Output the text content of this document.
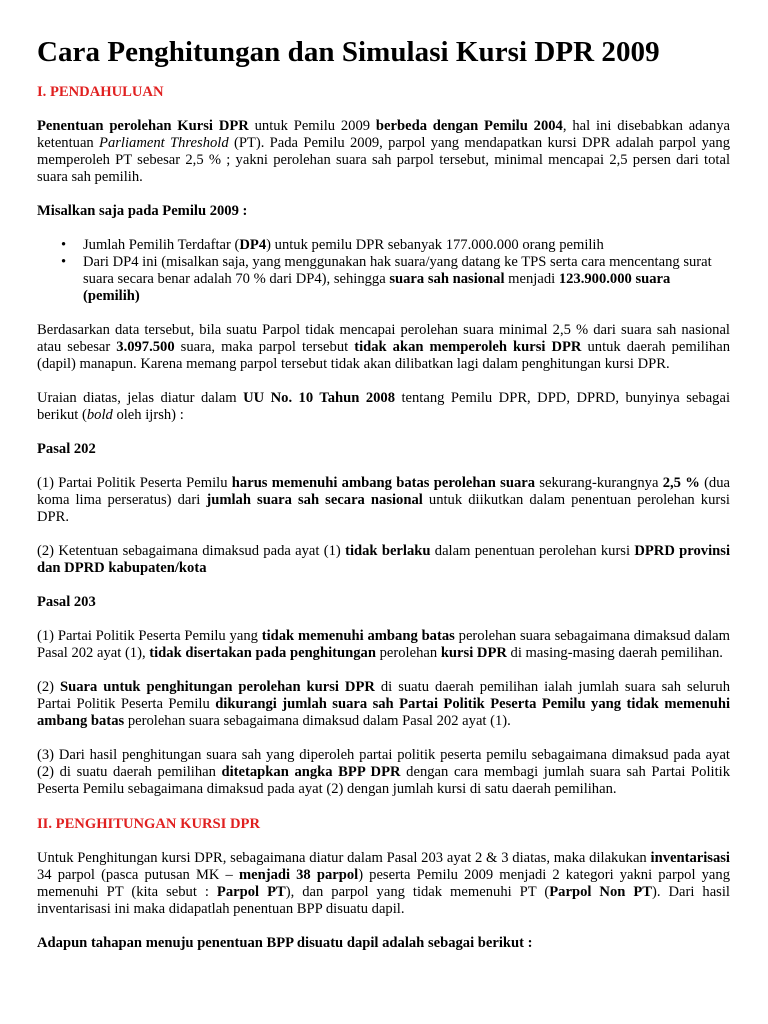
Cara Penghitungan dan Simulasi Kursi DPR 2009
I. PENDAHULUAN

Penentuan perolehan Kursi DPR untuk Pemilu 2009 berbeda dengan Pemilu 2004, hal ini disebabkan adanya ketentuan Parliament Threshold (PT). Pada Pemilu 2009, parpol yang mendapatkan kursi DPR adalah parpol yang memperoleh PT sebesar 2,5 % ; yakni perolehan suara sah parpol tersebut, minimal mencapai 2,5 persen dari total suara sah pemilih.

Misalkan saja pada Pemilu 2009 :

• Jumlah Pemilih Terdaftar (DP4) untuk pemilu DPR sebanyak 177.000.000 orang pemilih
• Dari DP4 ini (misalkan saja, yang menggunakan hak suara/yang datang ke TPS serta cara mencentang surat suara secara benar adalah 70 % dari DP4), sehingga suara sah nasional menjadi 123.900.000 suara (pemilih)

Berdasarkan data tersebut, bila suatu Parpol tidak mencapai perolehan suara minimal 2,5 % dari suara sah nasional atau sebesar 3.097.500 suara, maka parpol tersebut tidak akan memperoleh kursi DPR untuk daerah pemilihan (dapil) manapun. Karena memang parpol tersebut tidak akan dilibatkan lagi dalam penghitungan kursi DPR.

Uraian diatas, jelas diatur dalam UU No. 10 Tahun 2008 tentang Pemilu DPR, DPD, DPRD, bunyinya sebagai berikut (bold oleh ijrsh) :

Pasal 202

(1) Partai Politik Peserta Pemilu harus memenuhi ambang batas perolehan suara sekurang-kurangnya 2,5 % (dua koma lima perseratus) dari jumlah suara sah secara nasional untuk diikutkan dalam penentuan perolehan kursi DPR.

(2) Ketentuan sebagaimana dimaksud pada ayat (1) tidak berlaku dalam penentuan perolehan kursi DPRD provinsi dan DPRD kabupaten/kota

Pasal 203

(1) Partai Politik Peserta Pemilu yang tidak memenuhi ambang batas perolehan suara sebagaimana dimaksud dalam Pasal 202 ayat (1), tidak disertakan pada penghitungan perolehan kursi DPR di masing-masing daerah pemilihan.

(2) Suara untuk penghitungan perolehan kursi DPR di suatu daerah pemilihan ialah jumlah suara sah seluruh Partai Politik Peserta Pemilu dikurangi jumlah suara sah Partai Politik Peserta Pemilu yang tidak memenuhi ambang batas perolehan suara sebagaimana dimaksud dalam Pasal 202 ayat (1).

(3) Dari hasil penghitungan suara sah yang diperoleh partai politik peserta pemilu sebagaimana dimaksud pada ayat (2) di suatu daerah pemilihan ditetapkan angka BPP DPR dengan cara membagi jumlah suara sah Partai Politik Peserta Pemilu sebagaimana dimaksud pada ayat (2) dengan jumlah kursi di satu daerah pemilihan.

II. PENGHITUNGAN KURSI DPR

Untuk Penghitungan kursi DPR, sebagaimana diatur dalam Pasal 203 ayat 2 & 3 diatas, maka dilakukan inventarisasi 34 parpol (pasca putusan MK – menjadi 38 parpol) peserta Pemilu 2009 menjadi 2 kategori yakni parpol yang memenuhi PT (kita sebut : Parpol PT), dan parpol yang tidak memenuhi PT (Parpol Non PT). Dari hasil inventarisasi ini maka didapatlah penentuan BPP disuatu dapil.

Adapun tahapan menuju penentuan BPP disuatu dapil adalah sebagai berikut :
